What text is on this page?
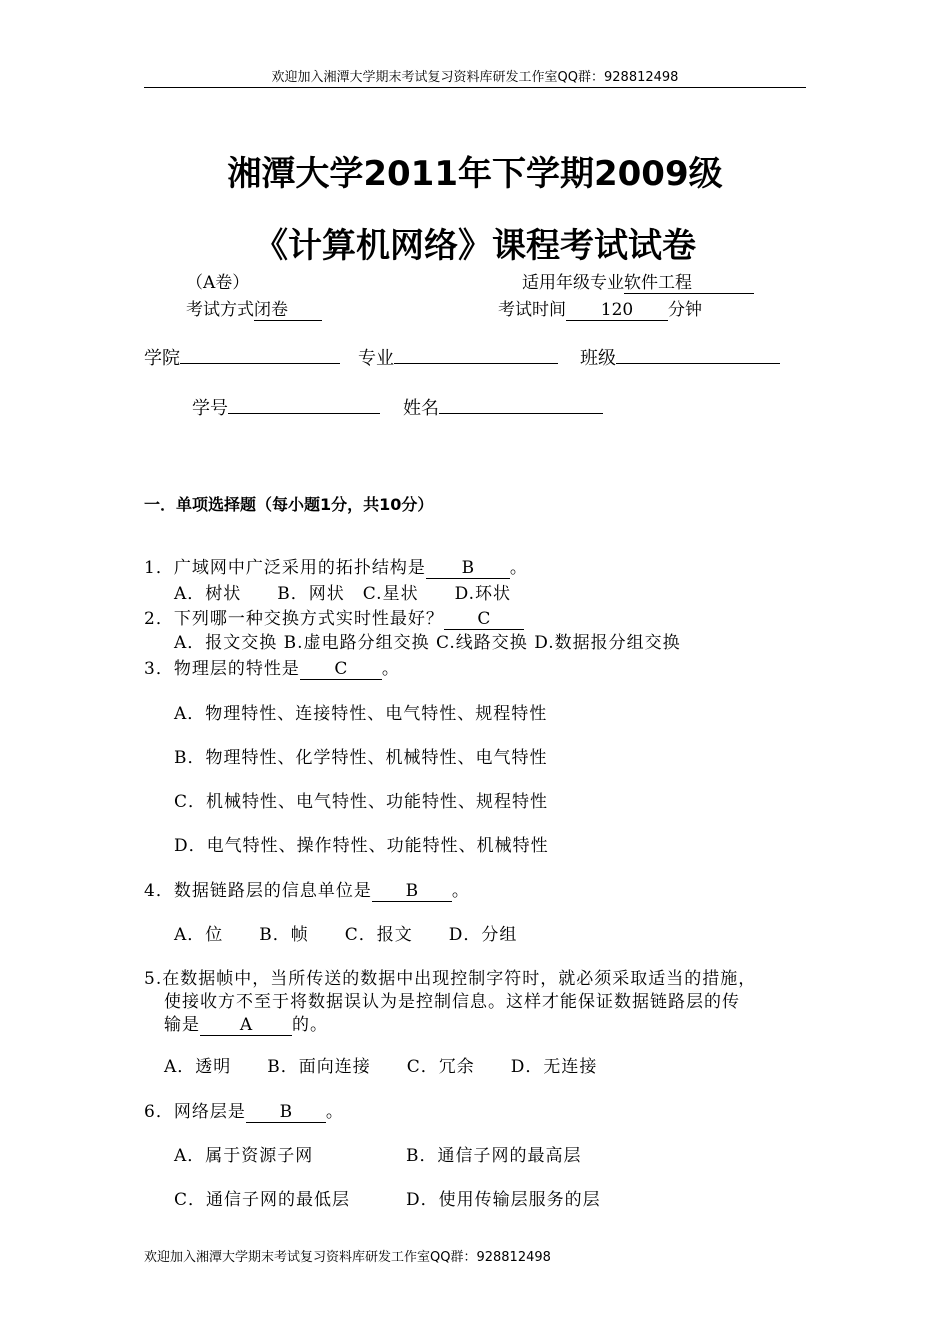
欢迎加入湘潭大学期末考试复习资料库研发工作室QQ群：928812498
湘潭大学2011年下学期2009级
《计算机网络》课程考试试卷
（A卷）	适用年级专业软件工程
考试方式闭卷	考试时间 120 分钟
学院	专业	班级
学号	姓名
一．单项选择题（每小题1分，共10分）
1．广域网中广泛采用的拓扑结构是 B 。
A．树状　　B．网状　C.星状　　D.环状
2．下列哪一种交换方式实时性最好？ C
A．报文交换 B.虚电路分组交换 C.线路交换 D.数据报分组交换
3．物理层的特性是 C 。
A．物理特性、连接特性、电气特性、规程特性
B．物理特性、化学特性、机械特性、电气特性
C．机械特性、电气特性、功能特性、规程特性
D．电气特性、操作特性、功能特性、机械特性
4．数据链路层的信息单位是 B 。
A．位　　B．帧　　C．报文　　D．分组
5.在数据帧中，当所传送的数据中出现控制字符时，就必须采取适当的措施，
使接收方不至于将数据误认为是控制信息。这样才能保证数据链路层的传
输是 A 的。
A．透明　　B．面向连接　　C．冗余　　D．无连接
6．网络层是 B 。
A．属于资源子网	B．通信子网的最高层
C．通信子网的最低层	D．使用传输层服务的层
欢迎加入湘潭大学期末考试复习资料库研发工作室QQ群：928812498
